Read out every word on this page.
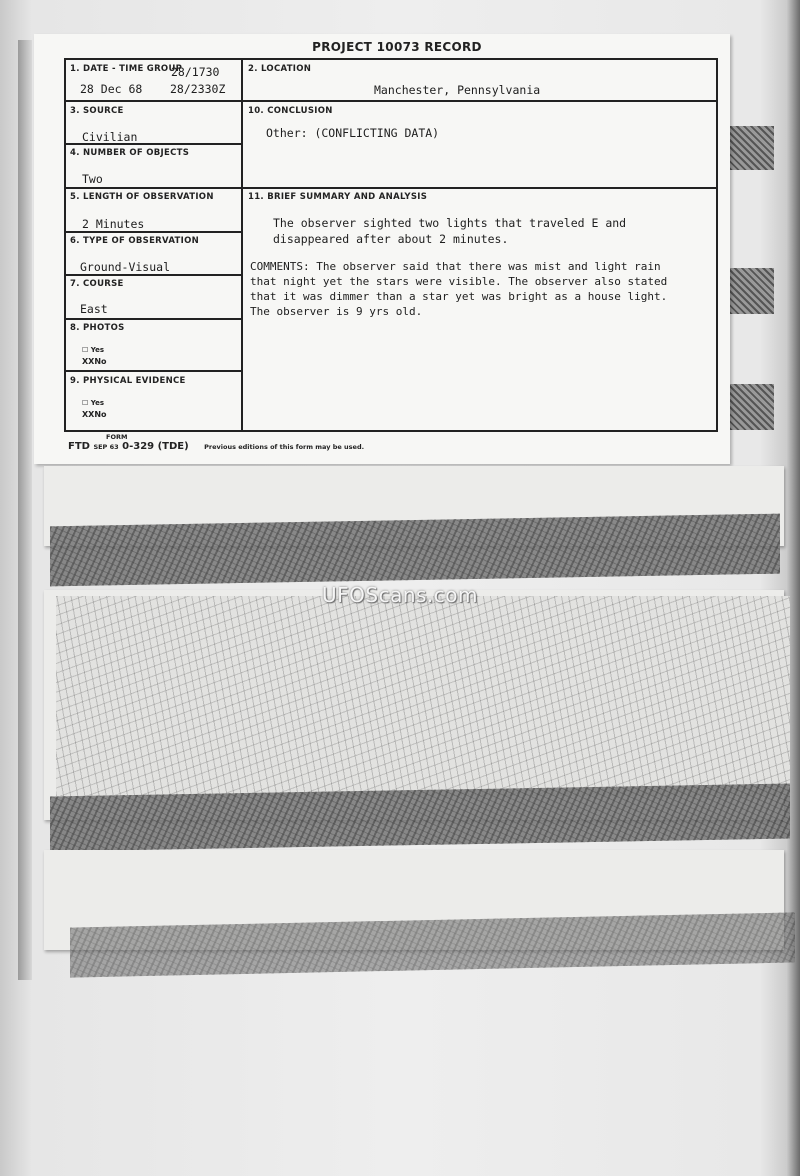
PROJECT 10073 RECORD
1. DATE - TIME GROUP
28/1730
28 Dec 68 28/2330Z
2. LOCATION
Manchester, Pennsylvania
3. SOURCE
Civilian
10. CONCLUSION
Other: (CONFLICTING DATA)
4. NUMBER OF OBJECTS
Two
5. LENGTH OF OBSERVATION
2 Minutes
11. BRIEF SUMMARY AND ANALYSIS
The observer sighted two lights that traveled E and
disappeared after about 2 minutes.
COMMENTS: The observer said that there was mist and light rain
that night yet the stars were visible. The observer also stated
that it was dimmer than a star yet was bright as a house light.
The observer is 9 yrs old.
6. TYPE OF OBSERVATION
Ground-Visual
7. COURSE
East
8. PHOTOS
☐ Yes
XXNo
9. PHYSICAL EVIDENCE
☐ Yes
XXNo
FORM
FTD SEP 63 0-329 (TDE) Previous editions of this form may be used.
UFOScans.com
